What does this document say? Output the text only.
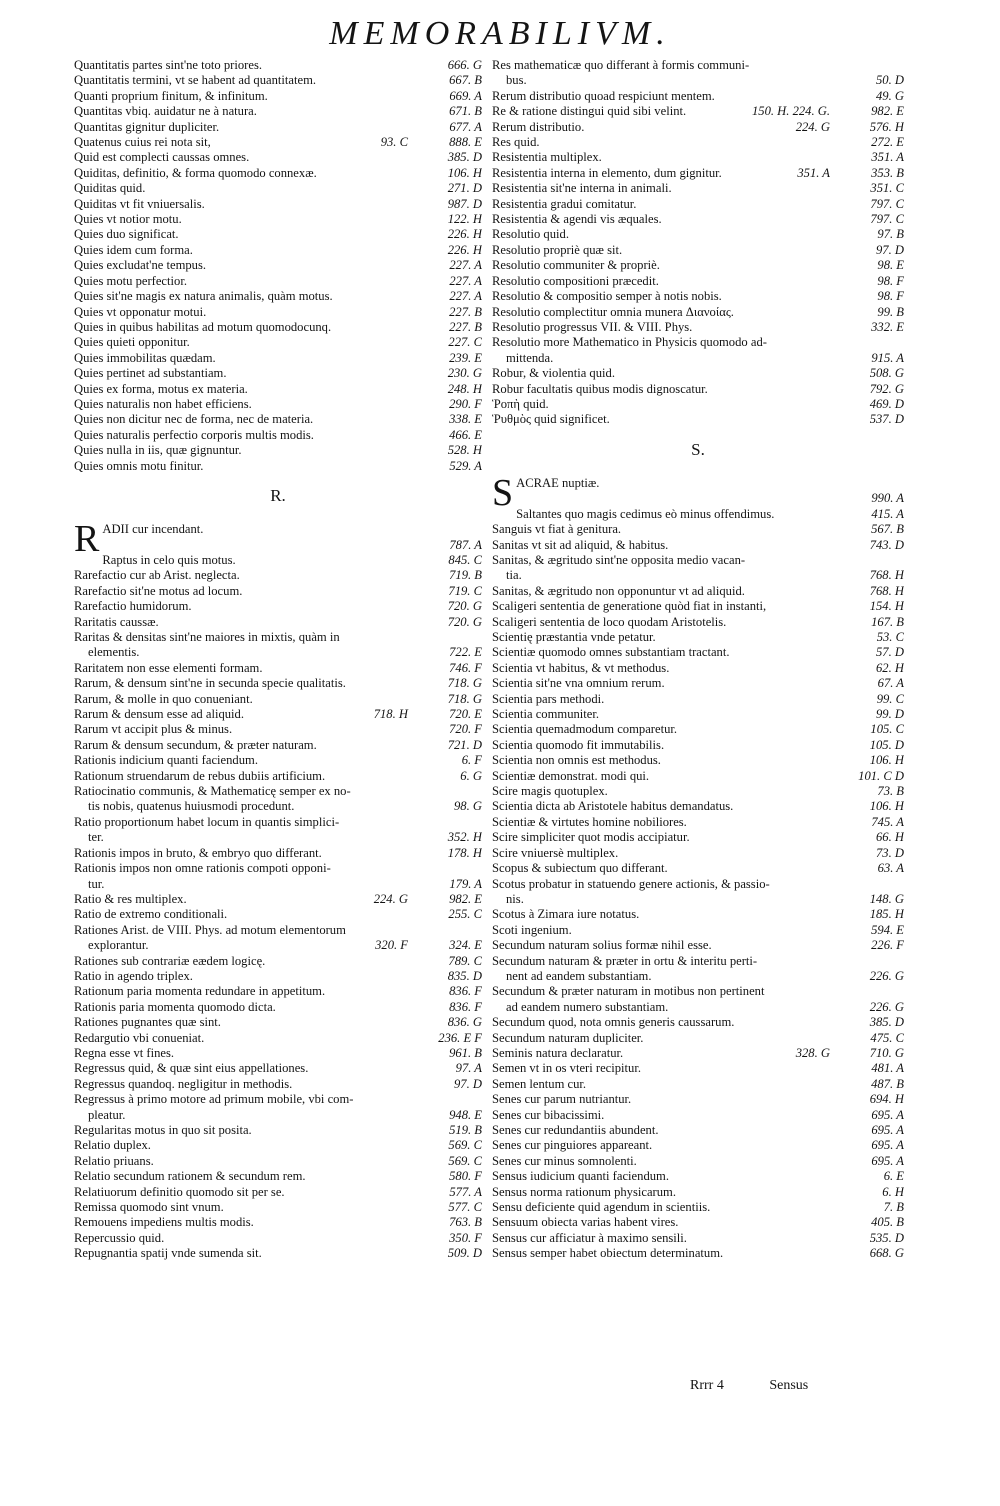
MEMORABILIVM.
Quantitatis partes sint'ne toto priores.	666. G
Quantitatis termini, vt se habent ad quantitatem.	667. B
Quanti proprium finitum, & infinitum.	669. A
Quantitas vbiq. auidatur ne à natura.	671. B
Quantitas gignitur dupliciter.	677. A
Quatenus cuius rei nota sit,	93. C	888. E
Quid est complecti caussas omnes.	385. D
Quiditas, definitio, & forma quomodo connexæ.	106. H
Quiditas quid.	271. D
Quiditas vt fit vniuersalis.	987. D
Quies vt notior motu.	122. H
Quies duo significat.	226. H
Quies idem cum forma.	226. H
Quies excludat'ne tempus.	227. A
Quies motu perfectior.	227. A
Quies sit'ne magis ex natura animalis, quàm motus.	227. A
Quies vt opponatur motui.	227. B
Quies in quibus habilitas ad motum quomodocunq.	227. B
Quies quieti opponitur.	227. C
Quies immobilitas quædam.	239. E
Quies pertinet ad substantiam.	230. G
Quies ex forma, motus ex materia.	248. H
Quies naturalis non habet efficiens.	290. F
Quies non dicitur nec de forma, nec de materia.	338. E
Quies naturalis perfectio corporis multis modis.	466. E
Quies nulla in iis, quæ gignuntur.	528. H
Quies omnis motu finitur.	529. A
R.
R ADII cur incendant.
787. A
Raptus in celo quis motus.	845. C
Rarefactio cur ab Arist. neglecta.	719. B
Rarefactio sit'ne motus ad locum.	719. C
Rarefactio humidorum.	720. G
Raritatis caussæ.	720. G
Raritas & densitas sint'ne maiores in mixtis, quàm in
elementis.	722. E
Raritatem non esse elementi formam.	746. F
Rarum, & densum sint'ne in secunda specie qualitatis.	718. G
Rarum, & molle in quo conueniant.	718. G
Rarum & densum esse ad aliquid.	718. H	720. E
Rarum vt accipit plus & minus.	720. F
Rarum & densum secundum, & præter naturam.	721. D
Rationis indicium quanti faciendum.	6. F
Rationum struendarum de rebus dubiis artificium.	6. G
Ratiocinatio communis, & Mathematicę semper ex no-
tis nobis, quatenus huiusmodi procedunt.	98. G
Ratio proportionum habet locum in quantis simplici-
ter.	352. H
Rationis impos in bruto, & embryo quo differant.	178. H
Rationis impos non omne rationis compoti opponi-
tur.	179. A
Ratio & res multiplex.	224. G	982. E
Ratio de extremo conditionali.	255. C
Rationes Arist. de VIII. Phys. ad motum elementorum
explorantur.	320. F	324. E
Rationes sub contrariæ eædem logicę.	789. C
Ratio in agendo triplex.	835. D
Rationum paria momenta redundare in appetitum.	836. F
Rationis paria momenta quomodo dicta.	836. F
Rationes pugnantes quæ sint.	836. G
Redargutio vbi conueniat.	236. E F
Regna esse vt fines.	961. B
Regressus quid, & quæ sint eius appellationes.	97. A
Regressus quandoq. negligitur in methodis.	97. D
Regressus à primo motore ad primum mobile, vbi com-
pleatur.	948. E
Regularitas motus in quo sit posita.	519. B
Relatio duplex.	569. C
Relatio priuans.	569. C
Relatio secundum rationem & secundum rem.	580. F
Relatiuorum definitio quomodo sit per se.	577. A
Remissa quomodo sint vnum.	577. C
Remouens impediens multis modis.	763. B
Repercussio quid.	350. F
Repugnantia spatij vnde sumenda sit.	509. D
Res mathematicæ quo differant à formis communi-
bus.	50. D
Rerum distributio quoad respiciunt mentem.	49. G
Re & ratione distingui quid sibi velint.	150. H. 224. G.	982. E
Rerum distributio.	224. G	576. H
Res quid.	272. E
Resistentia multiplex.	351. A
Resistentia interna in elemento, dum gignitur.	351. A	353. B
Resistentia sit'ne interna in animali.	351. C
Resistentia gradui comitatur.	797. C
Resistentia & agendi vis æquales.	797. C
Resolutio quid.	97. B
Resolutio propriè quæ sit.	97. D
Resolutio communiter & propriè.	98. E
Resolutio compositioni præcedit.	98. F
Resolutio & compositio semper à notis nobis.	98. F
Resolutio complectitur omnia munera Διανοίας.	99. B
Resolutio progressus VII. & VIII. Phys.	332. E
Resolutio more Mathematico in Physicis quomodo ad-
mittenda.	915. A
Robur, & violentia quid.	508. G
Robur facultatis quibus modis dignoscatur.	792. G
Ῥοπὴ quid.	469. D
Ῥυθμὸς quid significet.	537. D
S.
S ACRAE nuptiæ.
990. A
Saltantes quo magis cedimus eò minus offendimus.	415. A
Sanguis vt fiat à genitura.	567. B
Sanitas vt sit ad aliquid, & habitus.	743. D
Sanitas, & ægritudo sint'ne opposita medio vacan-
tia.	768. H
Sanitas, & ægritudo non opponuntur vt ad aliquid.	768. H
Scaligeri sententia de generatione quòd fiat in instanti,	154. H
Scaligeri sententia de loco quodam Aristotelis.	167. B
Scientię præstantia vnde petatur.	53. C
Scientiæ quomodo omnes substantiam tractant.	57. D
Scientia vt habitus, & vt methodus.	62. H
Scientia sit'ne vna omnium rerum.	67. A
Scientia pars methodi.	99. C
Scientia communiter.	99. D
Scientia quemadmodum comparetur.	105. C
Scientia quomodo fit immutabilis.	105. D
Scientia non omnis est methodus.	106. H
Scientiæ demonstrat. modi qui.	101. C D
Scire magis quotuplex.	73. B
Scientia dicta ab Aristotele habitus demandatus.	106. H
Scientiæ & virtutes homine nobiliores.	745. A
Scire simpliciter quot modis accipiatur.	66. H
Scire vniuersè multiplex.	73. D
Scopus & subiectum quo differant.	63. A
Scotus probatur in statuendo genere actionis, & passio-
nis.	148. G
Scotus à Zimara iure notatus.	185. H
Scoti ingenium.	594. E
Secundum naturam solius formæ nihil esse.	226. F
Secundum naturam & præter in ortu & interitu perti-
nent ad eandem substantiam.	226. G
Secundum & præter naturam in motibus non pertinent
ad eandem numero substantiam.	226. G
Secundum quod, nota omnis generis caussarum.	385. D
Secundum naturam dupliciter.	475. C
Seminis natura declaratur.	328. G	710. G
Semen vt in os vteri recipitur.	481. A
Semen lentum cur.	487. B
Senes cur parum nutriantur.	694. H
Senes cur bibacissimi.	695. A
Senes cur redundantiis abundent.	695. A
Senes cur pinguiores appareant.	695. A
Senes cur minus somnolenti.	695. A
Sensus iudicium quanti faciendum.	6. E
Sensus norma rationum physicarum.	6. H
Sensu deficiente quid agendum in scientiis.	7. B
Sensuum obiecta varias habent vires.	405. B
Sensus cur afficiatur à maximo sensili.	535. D
Sensus semper habet obiectum determinatum.	668. G
Rrrr 4	Sensus
